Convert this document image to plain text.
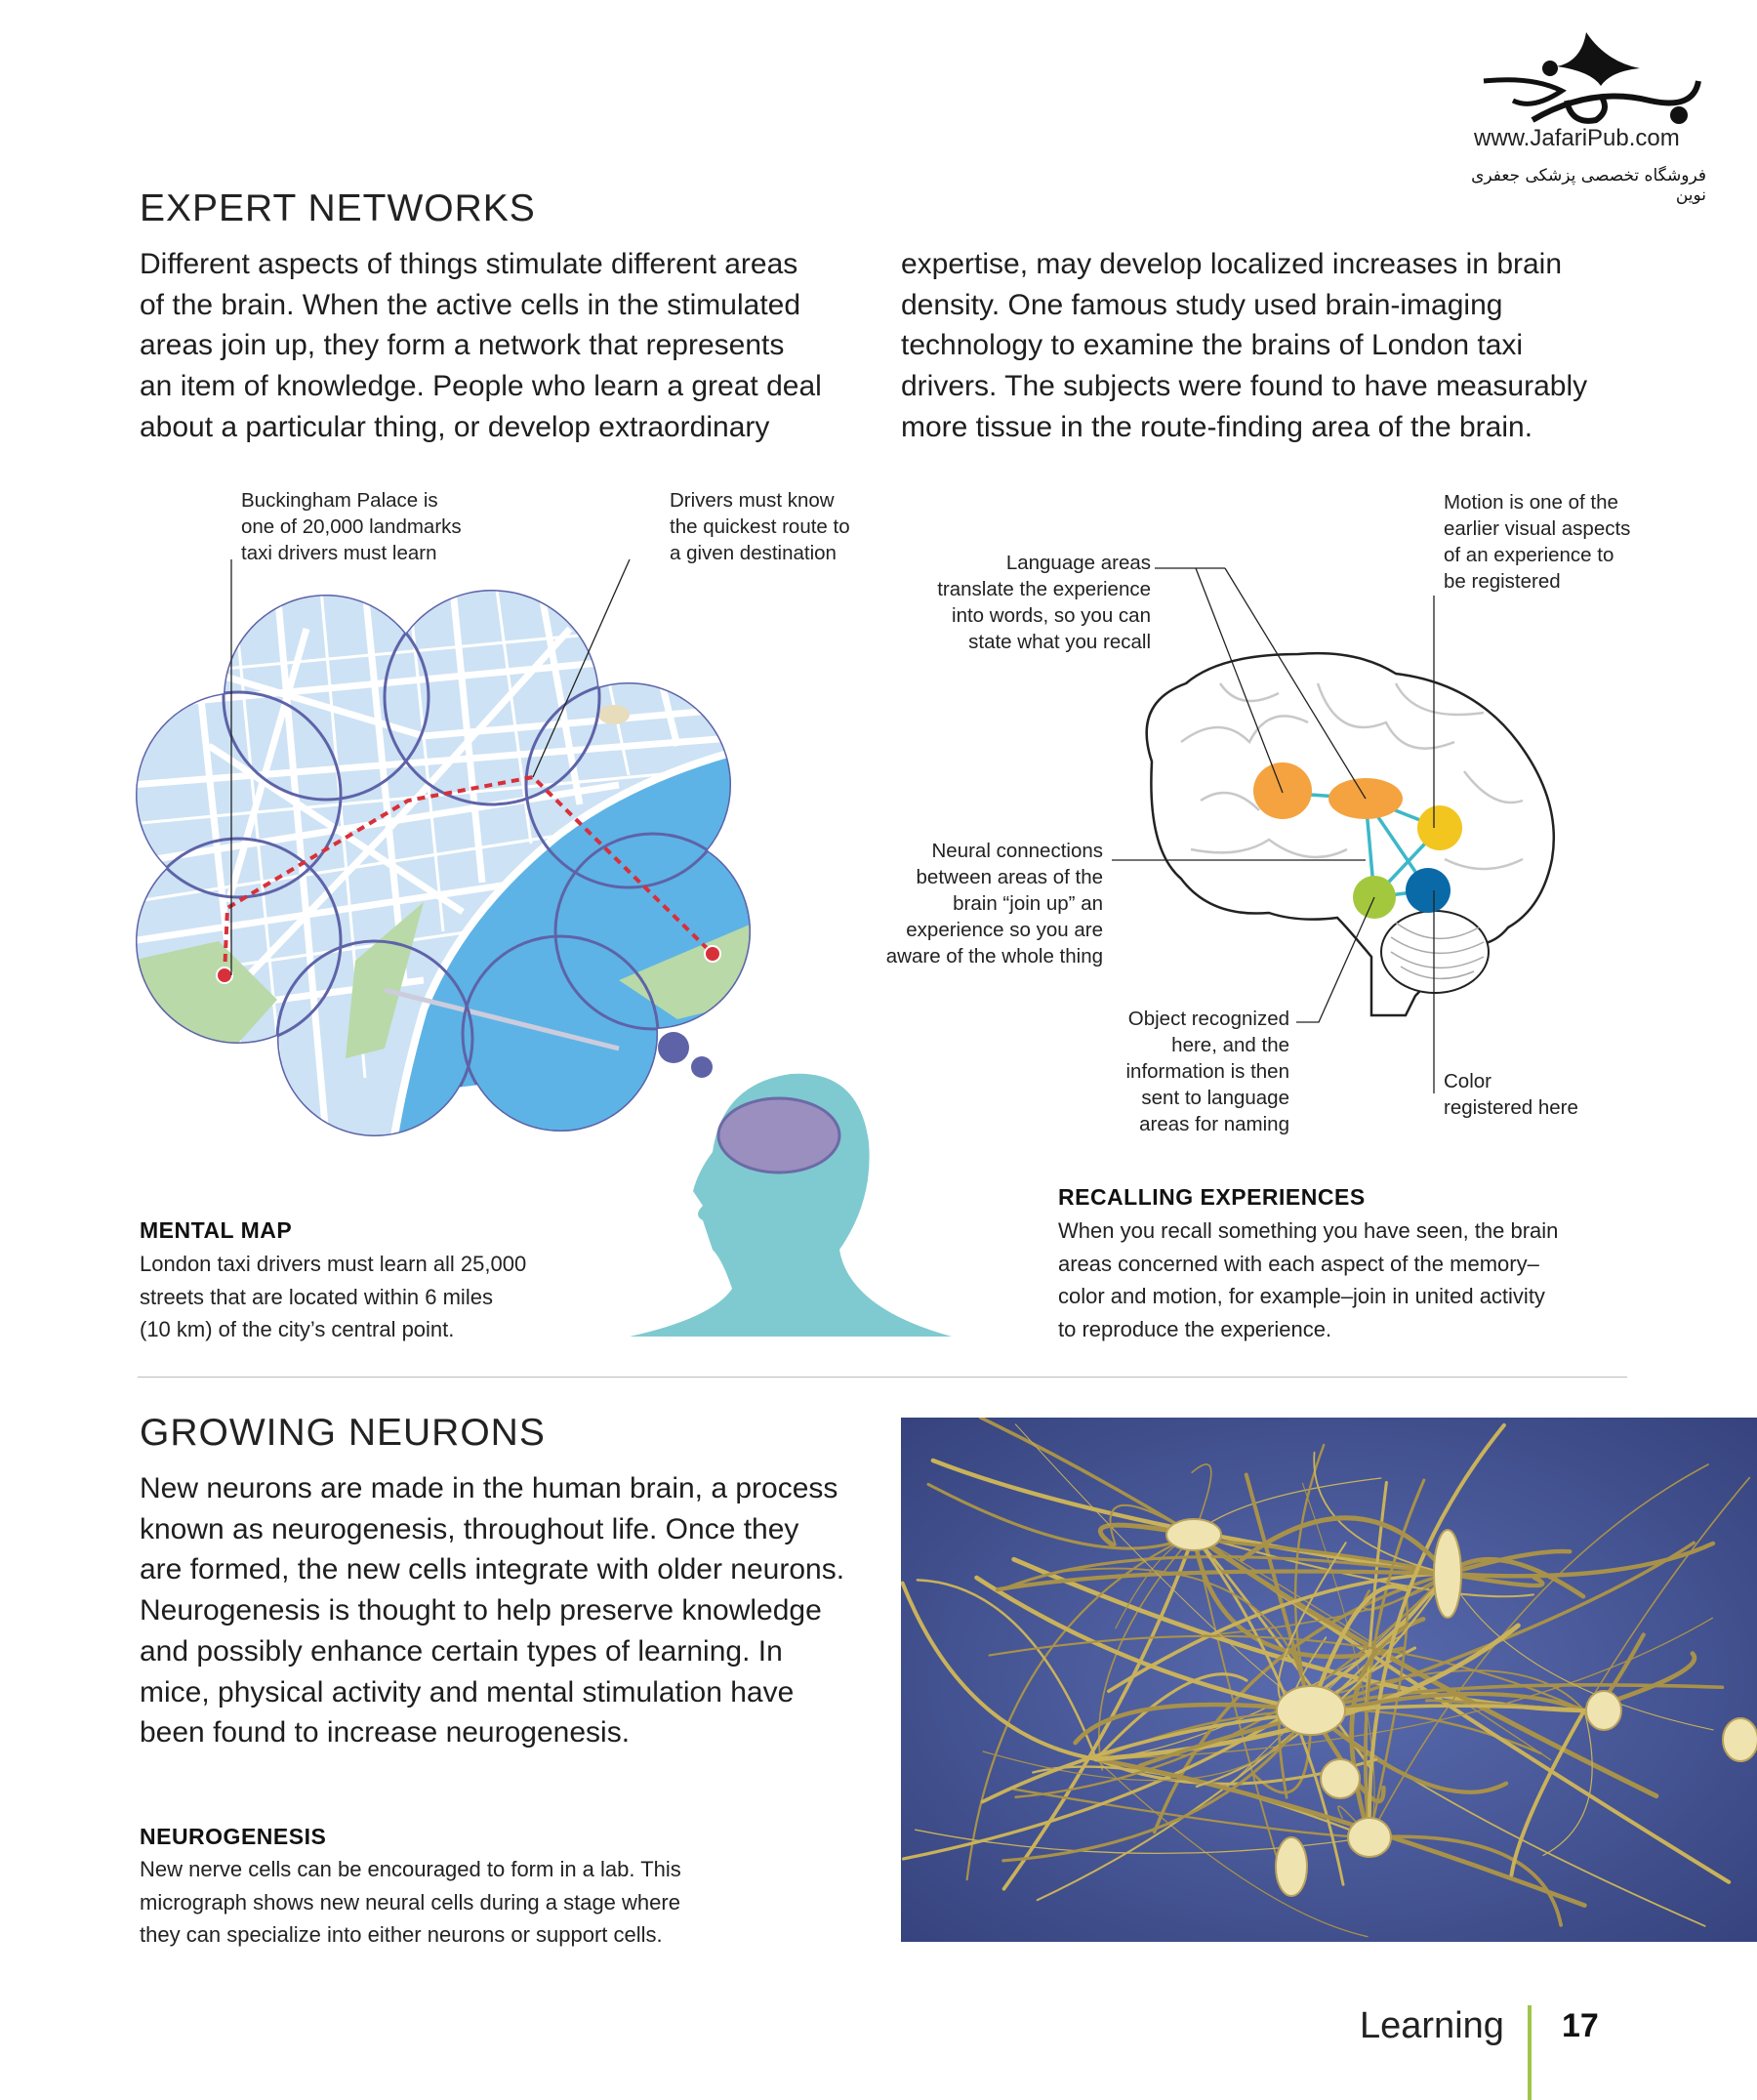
www.JafariPub.com
فروشگاه تخصصی پزشکی جعفری نوین
EXPERT NETWORKS
Different aspects of things stimulate different areas
of the brain. When the active cells in the stimulated
areas join up, they form a network that represents
an item of knowledge. People who learn a great deal
about a particular thing, or develop extraordinary
expertise, may develop localized increases in brain
density. One famous study used brain-imaging
technology to examine the brains of London taxi
drivers. The subjects were found to have measurably
more tissue in the route-finding area of the brain.
Buckingham Palace is
one of 20,000 landmarks
taxi drivers must learn
Drivers must know
the quickest route to
a given destination
MENTAL MAP
London taxi drivers must learn all 25,000
streets that are located within 6 miles
(10 km) of the city’s central point.
Language areas
translate the experience
into words, so you can
state what you recall
Motion is one of the
earlier visual aspects
of an experience to
be registered
Neural connections
between areas of the
brain “join up” an
experience so you are
aware of the whole thing
Object recognized
here, and the
information is then
sent to language
areas for naming
Color
registered here
RECALLING EXPERIENCES
When you recall something you have seen, the brain
areas concerned with each aspect of the memory–
color and motion, for example–join in united activity
to reproduce the experience.
GROWING NEURONS
New neurons are made in the human brain, a process
known as neurogenesis, throughout life. Once they
are formed, the new cells integrate with older neurons.
Neurogenesis is thought to help preserve knowledge
and possibly enhance certain types of learning. In
mice, physical activity and mental stimulation have
been found to increase neurogenesis.
NEUROGENESIS
New nerve cells can be encouraged to form in a lab. This
micrograph shows new neural cells during a stage where
they can specialize into either neurons or support cells.
Learning 17
